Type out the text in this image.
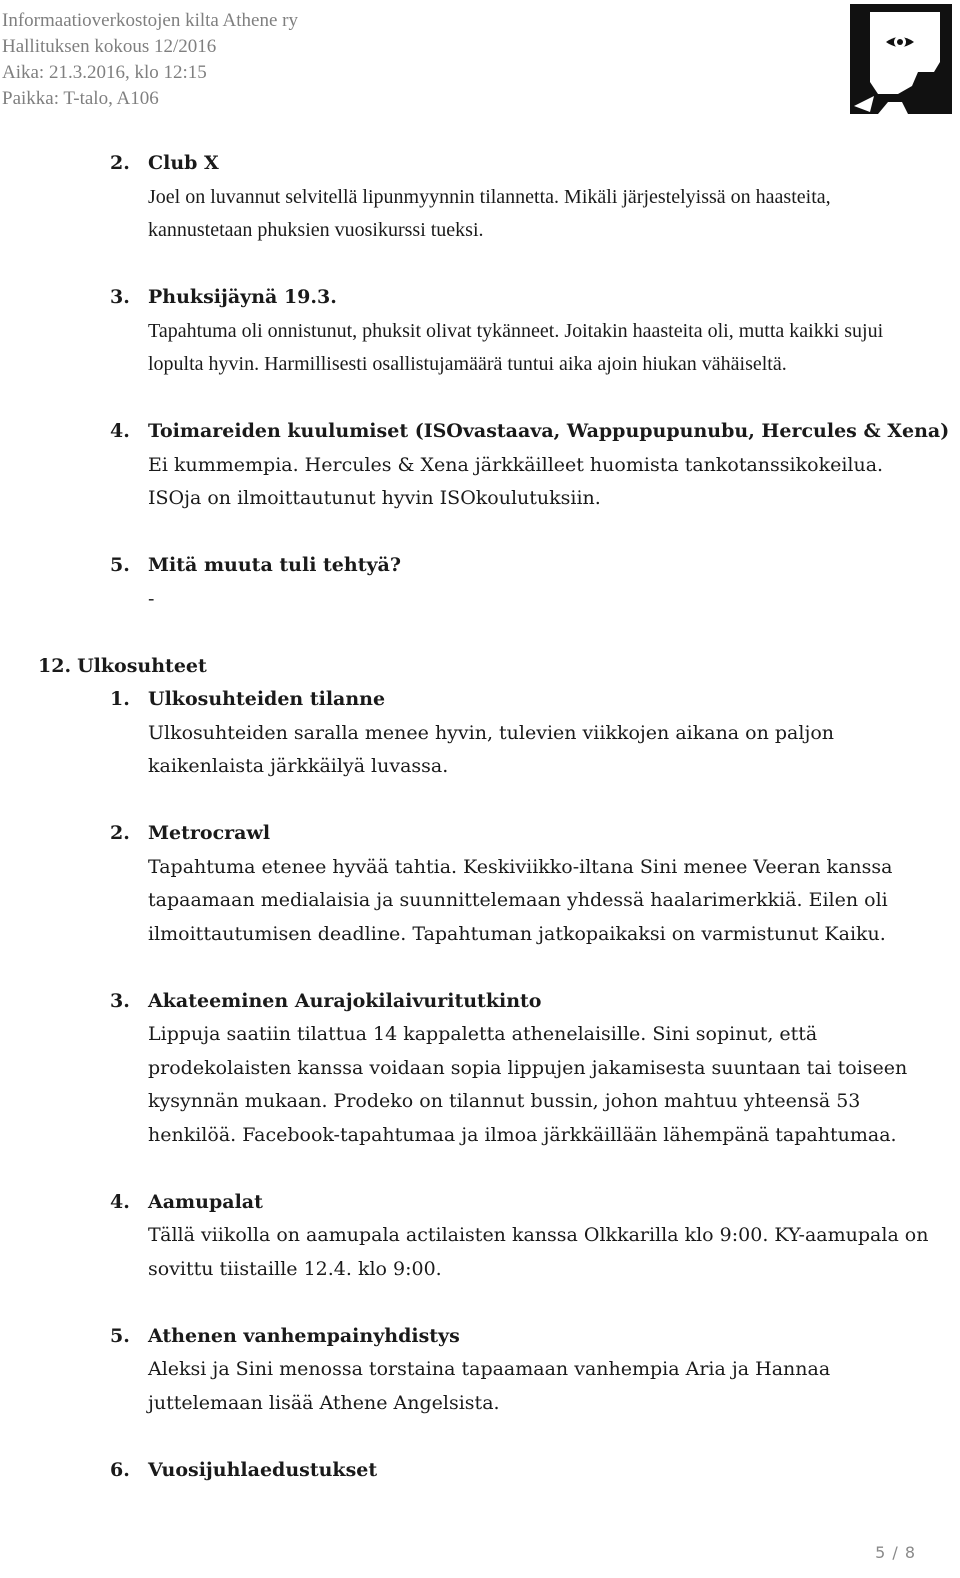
Informaatioverkostojen kilta Athene ry
Hallituksen kokous 12/2016
Aika: 21.3.2016, klo 12:15
Paikka: T-talo, A106
2. Club X
Joel on luvannut selvitellä lipunmyynnin tilannetta. Mikäli järjestelyissä on haasteita, kannustetaan phuksien vuosikurssi tueksi.
3. Phuksijäynä 19.3.
Tapahtuma oli onnistunut, phuksit olivat tykänneet. Joitakin haasteita oli, mutta kaikki sujui lopulta hyvin. Harmillisesti osallistujamäärä tuntui aika ajoin hiukan vähäiseltä.
4. Toimareiden kuulumiset (ISOvastaava, Wappupupunubu, Hercules & Xena)
Ei kummempia. Hercules & Xena järkkäilleet huomista tankotanssikokeilua. ISOja on ilmoittautunut hyvin ISOkoulutuksiin.
5. Mitä muuta tuli tehtyä?
-
12. Ulkosuhteet
1. Ulkosuhteiden tilanne
Ulkosuhteiden saralla menee hyvin, tulevien viikkojen aikana on paljon kaikenlaista järkkäilyä luvassa.
2. Metrocrawl
Tapahtuma etenee hyvää tahtia. Keskiviikko-iltana Sini menee Veeran kanssa tapaamaan medialaisia ja suunnittelemaan yhdessä haalarimerkkiä. Eilen oli ilmoittautumisen deadline. Tapahtuman jatkopaikaksi on varmistunut Kaiku.
3. Akateeminen Aurajokilaivuritutkinto
Lippuja saatiin tilattua 14 kappaletta athenelaisille. Sini sopinut, että prodekolaisten kanssa voidaan sopia lippujen jakamisesta suuntaan tai toiseen kysynnän mukaan. Prodeko on tilannut bussin, johon mahtuu yhteensä 53 henkilöä. Facebook-tapahtumaa ja ilmoa järkkäillään lähempänä tapahtumaa.
4. Aamupalat
Tällä viikolla on aamupala actilaisten kanssa Olkkarilla klo 9:00. KY-aamupala on sovittu tiistaille 12.4. klo 9:00.
5. Athenen vanhempainyhdistys
Aleksi ja Sini menossa torstaina tapaamaan vanhempia Aria ja Hannaa juttelemaan lisää Athene Angelsista.
6. Vuosijuhlaedustukset
5 / 8
